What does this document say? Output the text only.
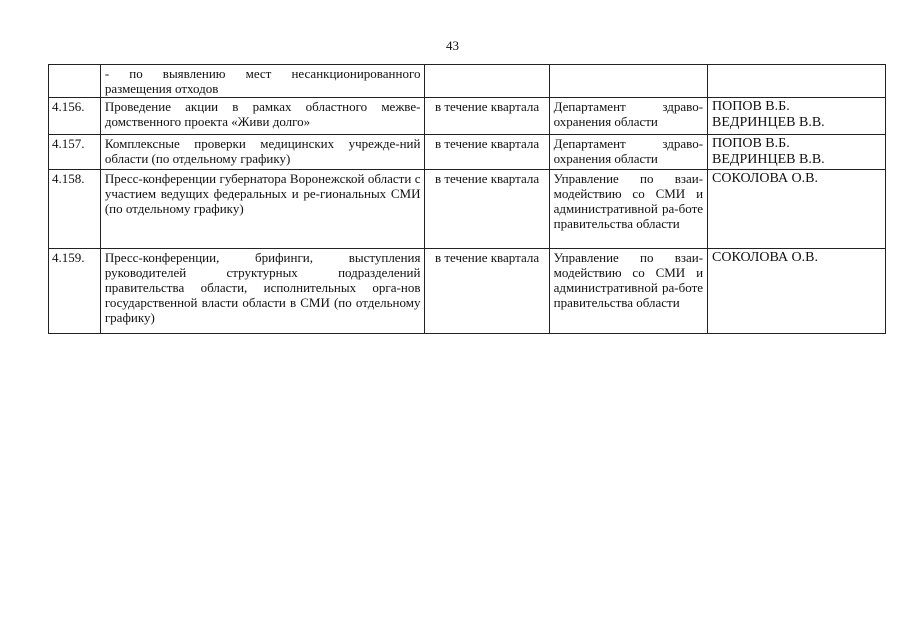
43
	- по выявлению мест несанкционированного размещения отходов			
4.156.	Проведение акции в рамках областного межве-домственного проекта «Живи долго»	в течение квартала	Департамент здраво-охранения области	ПОПОВ В.Б.
ВЕДРИНЦЕВ В.В.

4.157.	Комплексные проверки медицинских учрежде-ний области (по отдельному графику)	в течение квартала	Департамент здраво-охранения области	ПОПОВ В.Б.
ВЕДРИНЦЕВ В.В.

4.158.	Пресс-конференции губернатора Воронежской области с участием ведущих федеральных и ре-гиональных СМИ (по отдельному графику)	в течение квартала	Управление по взаи-модействию со СМИ и административной ра-боте правительства области	СОКОЛОВА О.В.

4.159.	Пресс-конференции, брифинги, выступления руководителей структурных подразделений правительства области, исполнительных орга-нов государственной власти области в СМИ (по отдельному графику)	в течение квартала	Управление по взаи-модействию со СМИ и административной ра-боте правительства области	СОКОЛОВА О.В.
